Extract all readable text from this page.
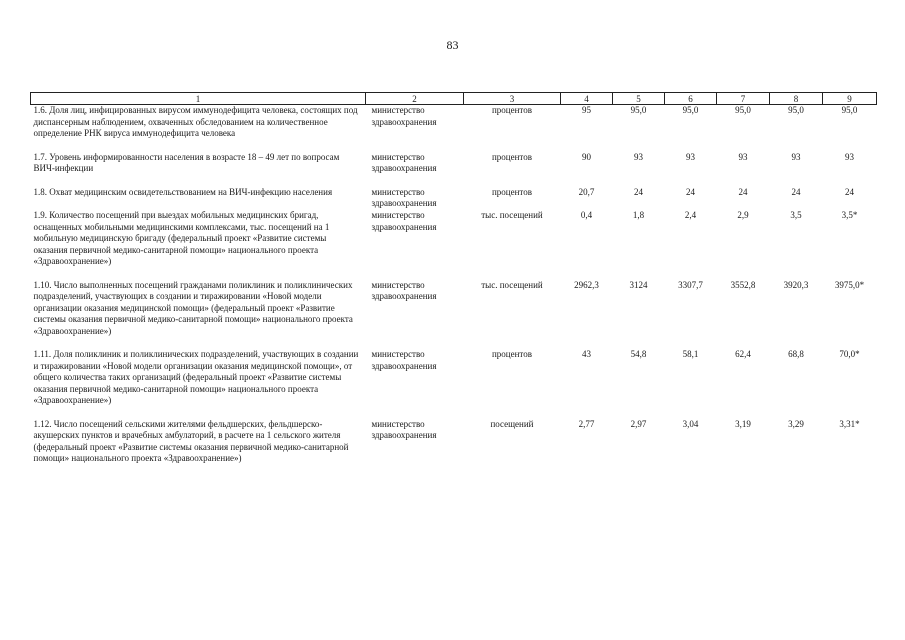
83
1	2	3	4	5	6	7	8	9
1.6. Доля лиц, инфицированных вирусом иммунодефицита человека, состоящих под диспансерным наблюдением, охваченных обследованием на количественное определение РНК вируса иммунодефицита человека	министерство здравоохранения	процентов	95	95,0	95,0	95,0	95,0	95,0
1.7. Уровень информированности населения в возрасте 18 – 49 лет по вопросам ВИЧ-инфекции	министерство здравоохранения	процентов	90	93	93	93	93	93
1.8. Охват медицинским освидетельствованием на ВИЧ-инфекцию населения	министерство здравоохранения	процентов	20,7	24	24	24	24	24
1.9. Количество посещений при выездах мобильных медицинских бригад, оснащенных мобильными медицинскими комплексами, тыс. посещений на 1 мобильную медицинскую бригаду (федеральный проект «Развитие системы оказания первичной медико-санитарной помощи» национального проекта «Здравоохранение»)	министерство здравоохранения	тыс. посещений	0,4	1,8	2,4	2,9	3,5	3,5*
1.10. Число выполненных посещений гражданами поликлиник и поликлинических подразделений, участвующих в создании и тиражировании «Новой модели организации оказания медицинской помощи» (федеральный проект «Развитие системы оказания первичной медико-санитарной помощи» национального проекта «Здравоохранение»)	министерство здравоохранения	тыс. посещений	2962,3	3124	3307,7	3552,8	3920,3	3975,0*
1.11. Доля поликлиник и поликлинических подразделений, участвующих в создании и тиражировании «Новой модели организации оказания медицинской помощи», от общего количества таких организаций (федеральный проект «Развитие системы оказания первичной медико-санитарной помощи» национального проекта «Здравоохранение»)	министерство здравоохранения	процентов	43	54,8	58,1	62,4	68,8	70,0*
1.12. Число посещений сельскими жителями фельдшерских, фельдшерско-акушерских пунктов и врачебных амбулаторий, в расчете на 1 сельского жителя (федеральный проект «Развитие системы оказания первичной медико-санитарной помощи» национального проекта «Здравоохранение»)	министерство здравоохранения	посещений	2,77	2,97	3,04	3,19	3,29	3,31*
